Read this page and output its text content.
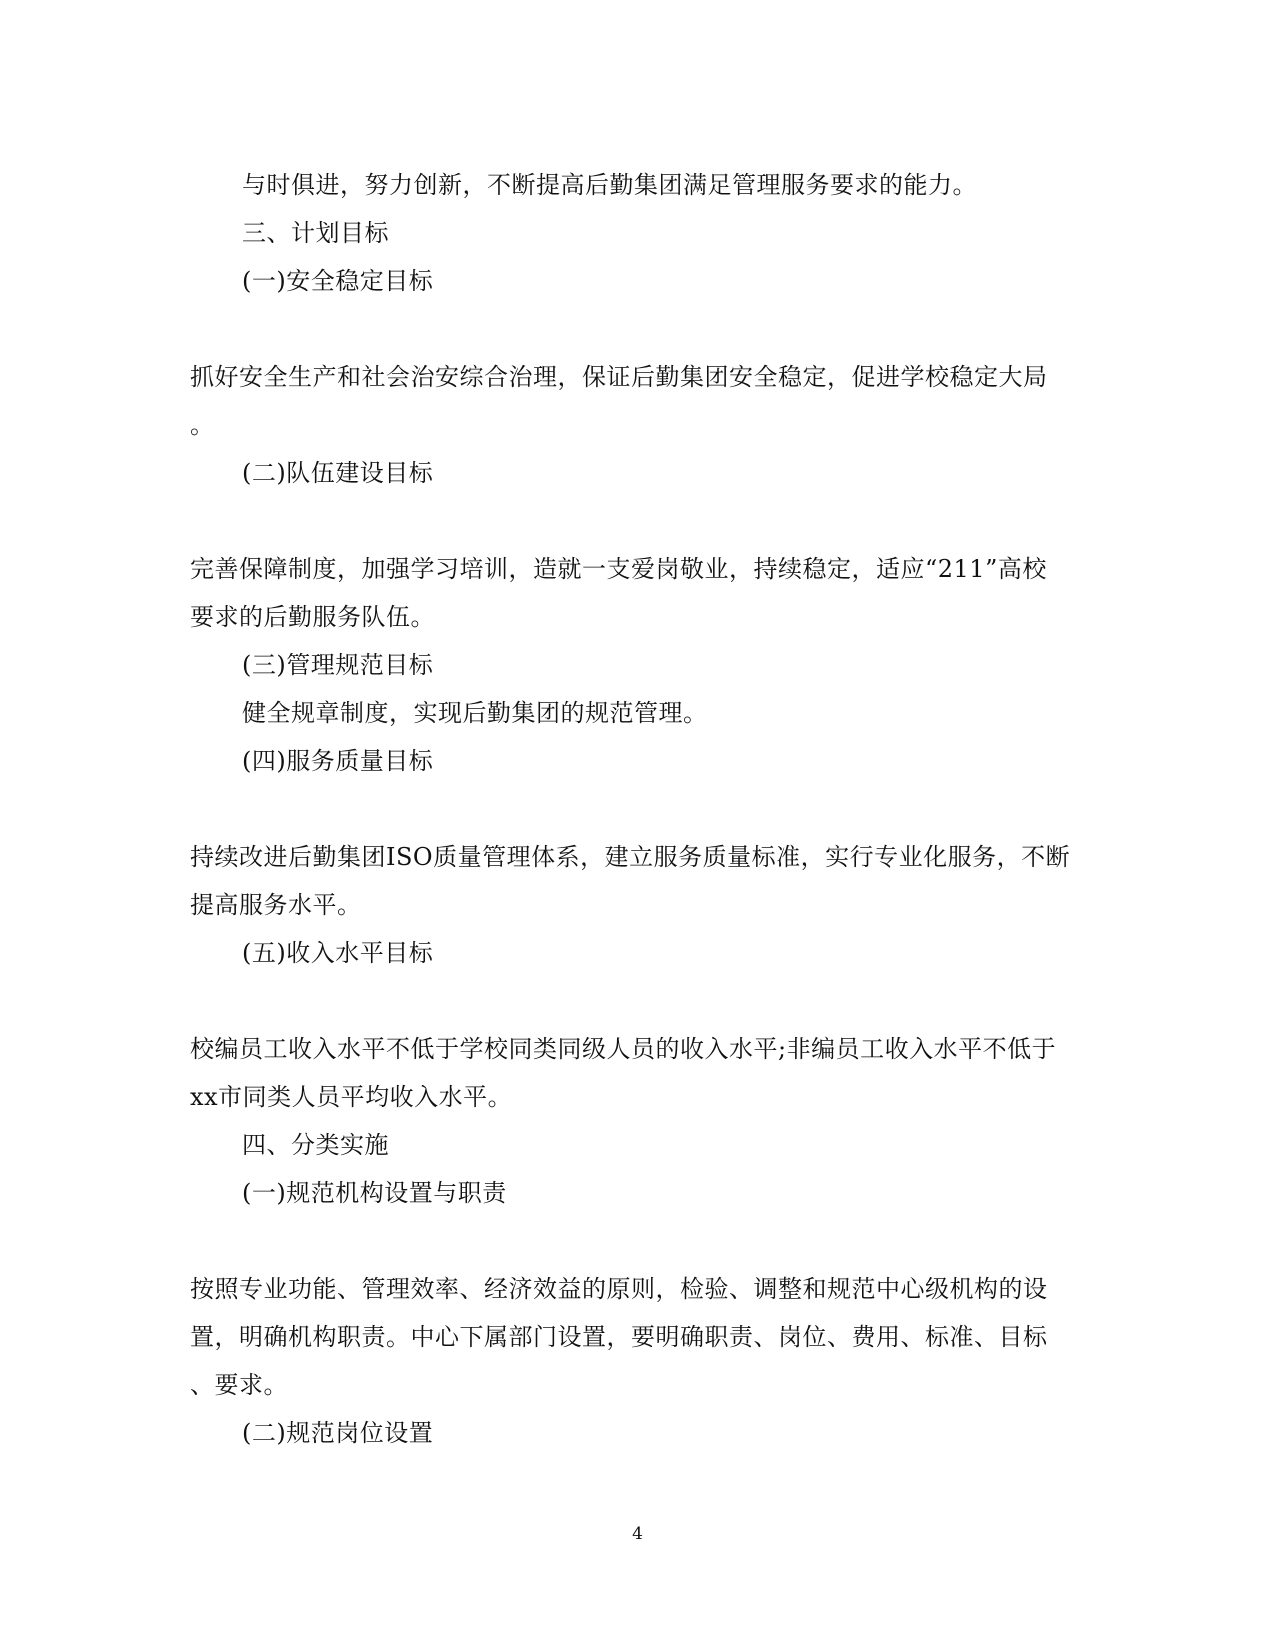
与时俱进，努力创新，不断提高后勤集团满足管理服务要求的能力。
三、计划目标
(一)安全稳定目标
抓好安全生产和社会治安综合治理，保证后勤集团安全稳定，促进学校稳定大局
。
(二)队伍建设目标
完善保障制度，加强学习培训，造就一支爱岗敬业，持续稳定，适应“211”高校
要求的后勤服务队伍。
(三)管理规范目标
健全规章制度，实现后勤集团的规范管理。
(四)服务质量目标
持续改进后勤集团ISO质量管理体系，建立服务质量标准，实行专业化服务，不断
提高服务水平。
(五)收入水平目标
校编员工收入水平不低于学校同类同级人员的收入水平;非编员工收入水平不低于
xx市同类人员平均收入水平。
四、分类实施
(一)规范机构设置与职责
按照专业功能、管理效率、经济效益的原则，检验、调整和规范中心级机构的设
置，明确机构职责。中心下属部门设置，要明确职责、岗位、费用、标准、目标
、要求。
(二)规范岗位设置
4
